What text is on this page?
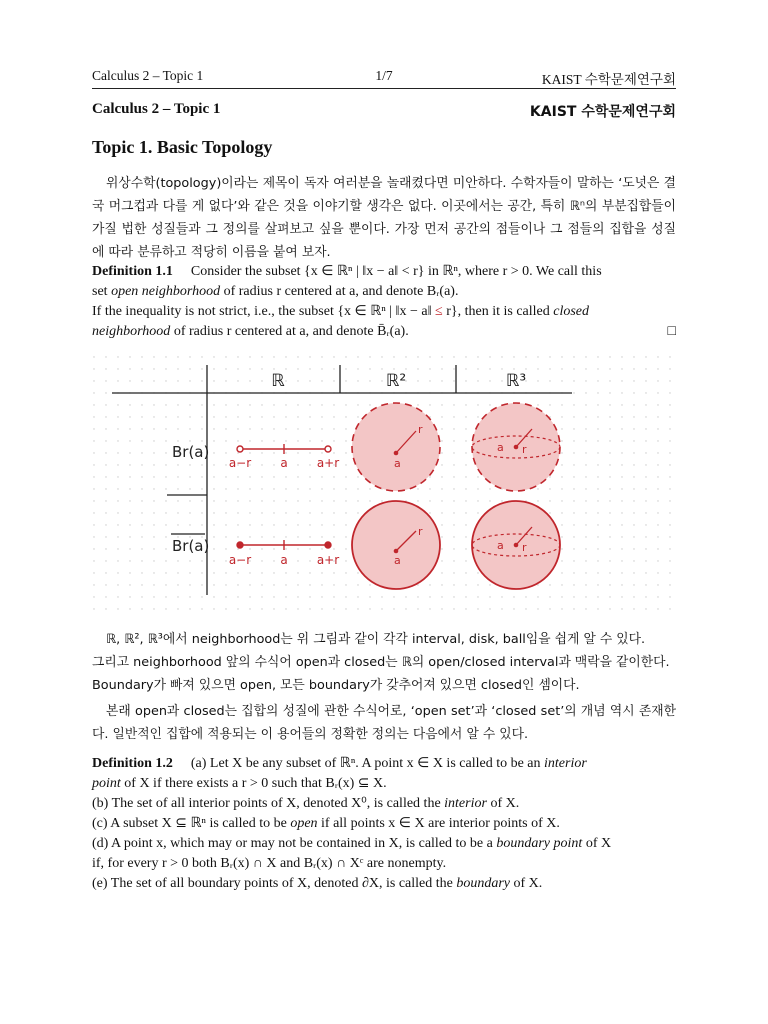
Calculus 2 – Topic 1	1/7	KAIST 수학문제연구회
Calculus 2 – Topic 1	KAIST 수학문제연구회
Topic 1. Basic Topology

위상수학(topology)이라는 제목이 독자 여러분을 놀래켰다면 미안하다. 수학자들이 말하는 ‘도넛은 결국 머그컵과 다를 게 없다’와 같은 것을 이야기할 생각은 없다. 이곳에서는 공간, 특히 ℝⁿ의 부분집합들이 가질 법한 성질들과 그 정의를 살펴보고 싶을 뿐이다. 가장 먼저 공간의 점들이나 그 점들의 집합을 성질에 따라 분류하고 적당히 이름을 붙여 보자.

Definition 1.1 Consider the subset {x ∈ ℝⁿ | ‖x − a‖ < r} in ℝⁿ, where r > 0. We call this
set open neighborhood of radius r centered at a, and denote Bᵣ(a).
If the inequality is not strict, i.e., the subset {x ∈ ℝⁿ | ‖x − a‖ ≤ r}, then it is called closed
neighborhood of radius r centered at a, and denote B̄ᵣ(a).	□
ℝ	ℝ²	ℝ³
Br(a)
Br(a)
a−r a a+r
a−r a a+r
r
a
r
a
a r
a r

ℝ, ℝ², ℝ³에서 neighborhood는 위 그림과 같이 각각 interval, disk, ball임을 쉽게 알 수 있다.

그리고 neighborhood 앞의 수식어 open과 closed는 ℝ의 open/closed interval과 맥락을 같이한다.

Boundary가 빠져 있으면 open, 모든 boundary가 갖추어져 있으면 closed인 셈이다.

본래 open과 closed는 집합의 성질에 관한 수식어로, ‘open set’과 ‘closed set’의 개념 역시 존재한다. 일반적인 집합에 적용되는 이 용어들의 정확한 정의는 다음에서 알 수 있다.

Definition 1.2 (a) Let X be any subset of ℝⁿ. A point x ∈ X is called to be an interior
point of X if there exists a r > 0 such that Bᵣ(x) ⊆ X.
(b) The set of all interior points of X, denoted X⁰, is called the interior of X.
(c) A subset X ⊆ ℝⁿ is called to be open if all points x ∈ X are interior points of X.
(d) A point x, which may or may not be contained in X, is called to be a boundary point of X
if, for every r > 0 both Bᵣ(x) ∩ X and Bᵣ(x) ∩ Xᶜ are nonempty.
(e) The set of all boundary points of X, denoted ∂X, is called the boundary of X.
